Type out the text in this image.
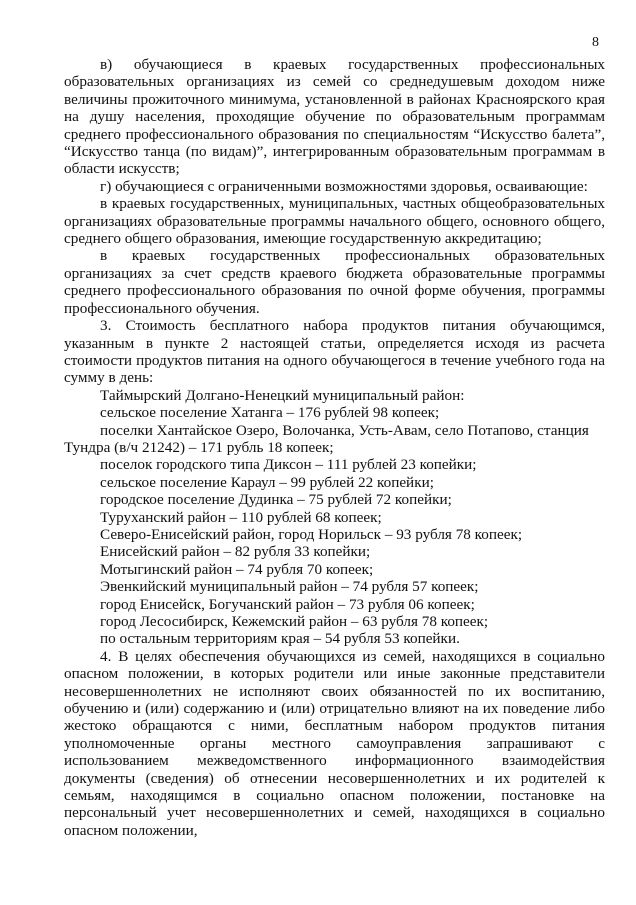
8

в) обучающиеся в краевых государственных профессиональных образовательных организациях из семей со среднедушевым доходом ниже величины прожиточного минимума, установленной в районах Красноярского края на душу населения, проходящие обучение по образовательным программам среднего профессионального образования по специальностям “Искусство балета”, “Искусство танца (по видам)”, интегрированным образовательным программам в области искусств;

г) обучающиеся с ограниченными возможностями здоровья, осваивающие:

в краевых государственных, муниципальных, частных общеобразовательных организациях образовательные программы начального общего, основного общего, среднего общего образования, имеющие государственную аккредитацию;

в краевых государственных профессиональных образовательных организациях за счет средств краевого бюджета образовательные программы среднего профессионального образования по очной форме обучения, программы профессионального обучения.

3. Стоимость бесплатного набора продуктов питания обучающимся, указанным в пункте 2 настоящей статьи, определяется исходя из расчета стоимости продуктов питания на одного обучающегося в течение учебного года на сумму в день:

Таймырский Долгано-Ненецкий муниципальный район:

сельское поселение Хатанга – 176 рублей 98 копеек;

поселки Хантайское Озеро, Волочанка, Усть-Авам, село Потапово, станция Тундра (в/ч 21242) – 171 рубль 18 копеек;

поселок городского типа Диксон – 111 рублей 23 копейки;

сельское поселение Караул – 99 рублей 22 копейки;

городское поселение Дудинка – 75 рублей 72 копейки;

Туруханский район – 110 рублей 68 копеек;

Северо-Енисейский район, город Норильск – 93 рубля 78 копеек;

Енисейский район – 82 рубля 33 копейки;

Мотыгинский район – 74 рубля 70 копеек;

Эвенкийский муниципальный район – 74 рубля 57 копеек;

город Енисейск, Богучанский район – 73 рубля 06 копеек;

город Лесосибирск, Кежемский район – 63 рубля 78 копеек;

по остальным территориям края – 54 рубля 53 копейки.

4. В целях обеспечения обучающихся из семей, находящихся в социально опасном положении, в которых родители или иные законные представители несовершеннолетних не исполняют своих обязанностей по их воспитанию, обучению и (или) содержанию и (или) отрицательно влияют на их поведение либо жестоко обращаются с ними, бесплатным набором продуктов питания уполномоченные органы местного самоуправления запрашивают с использованием межведомственного информационного взаимодействия документы (сведения) об отнесении несовершеннолетних и их родителей к семьям, находящимся в социально опасном положении, постановке на персональный учет несовершеннолетних и семей, находящихся в социально опасном положении,
